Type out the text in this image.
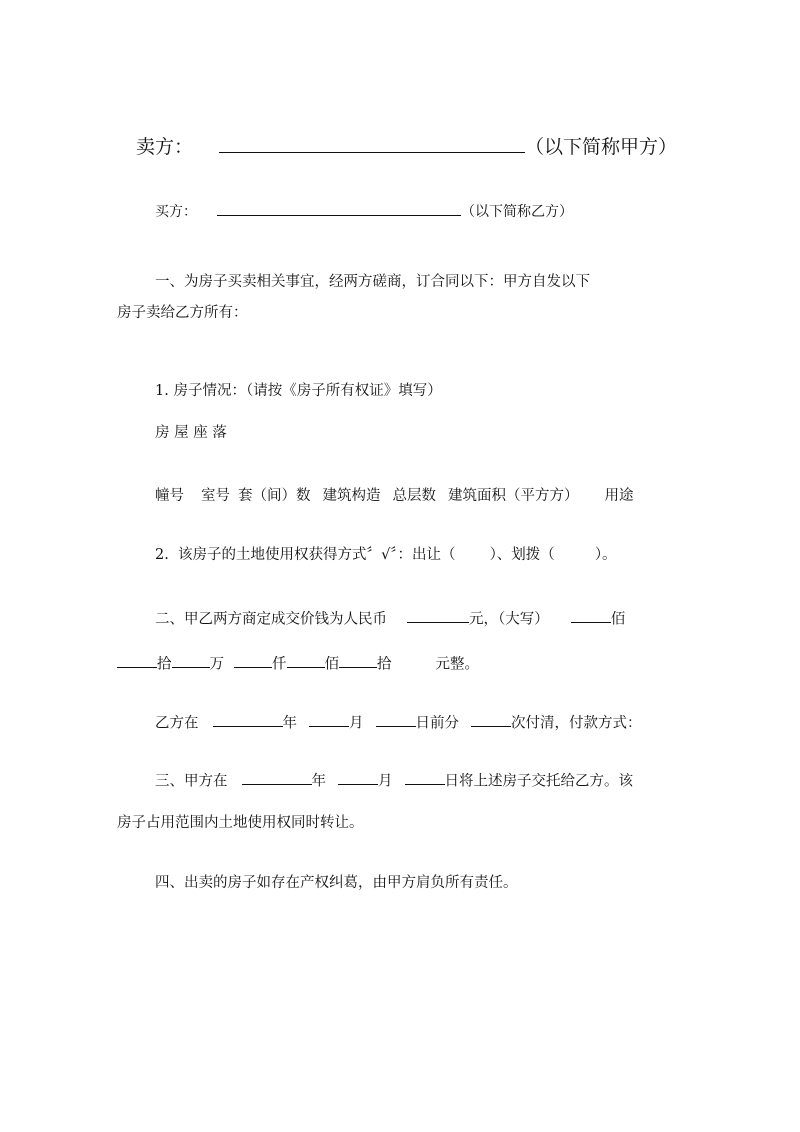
卖方：	（以下简称甲方）
买方：	（以下简称乙方）
一、为房子买卖相关事宜，经两方磋商，订合同以下：甲方自发以下
房子卖给乙方所有：
1. 房子情况：（请按《房子所有权证》填写）
房 屋 座 落
幢号 室号 套（间）数 建筑构造 总层数 建筑面积（平方方） 用途
2.  该房子的土地使用权获得方式〞√〞：出让（ ）、划拨（	）。
二、甲乙两方商定成交价钱为人民币	元，（大写）	佰
拾	万	仟	佰	拾	元整。
乙方在	年	月	日前分	次付清，付款方式：
三、甲方在	年	月	日将上述房子交托给乙方。该
房子占用范围内土地使用权同时转让。
四、出卖的房子如存在产权纠葛，由甲方肩负所有责任。
